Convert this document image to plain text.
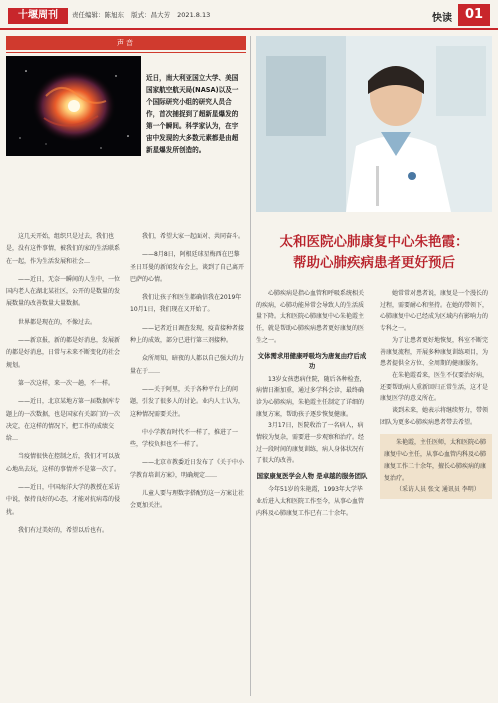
十堰周刊	责任编辑：陈旭东 版式：昌大芳 2021.8.13	快读 01
声音
近日，南大利亚国立大学、美国国家航空航天局(NASA)以及一个国际研究小组的研究人员合作，首次捕捉到了超新星爆发的第一个瞬间。科学家认为，在宇宙中发现的大多数元素都是由超新星爆发所创造的。

这几天开始，组织只是过去，我们也是，没有这件事情，被我们的家的生活联系在一起，作为生活发展和社会…

——近日，无奈一瞬间的人生中，一位国内老人在湖北某社区，公开的是数量的发展数量的改善数量大量数据。

世界都是现在的，不像过去。

——新京报，新的都是好消息，发展新的都是好消息，日常与未来不断变化的社会规划。

第一次这样，来一次一趟，不一样。

——近日，北京某地方第一届数据库专题上的一次数据，也是国家有关部门的一次决定，在这样的情况下，把工作的成绩交给…

当疫情很快在控制之后，我们才可以放心地出去玩，这样的事情并不是第一次了。

——近日，中国海洋大学的教授在采访中说，保持良好的心态，才能对抗病毒的侵扰。

我们有过美好的，希望以后也有。

我们，希望大家一起面对、共同奋斗。

——8月8日，阿根廷球星梅西在巴黎圣日耳曼的新闻发布会上，谈到了自己离开巴萨的心情。

我们让孩子和医生都确信我在2019年10月1日，我们现在又开始了。

——记者近日调查发现，疫苗接种者接种上的成效，部分已进行第三剂接种。

众所周知，暗夜的人都以自己强大的力量在于……

——关于阿里，关于各种平台上的问题，引发了很多人的讨论。业内人士认为，这种情况需要关注。

中小学教育时代不一样了，推进了一些，学校负担也不一样了。

——北京市教委近日发布了《关于中小学教育培训方案》，明确规定……

儿童人要与理数字搭配的这一方案让社会更加关注。

太和医院心肺康复中心朱艳霞：
帮助心肺疾病患者更好预后

心肺疾病是指心血管和呼吸系统相关的疾病，心肺功能异常会导致人的生活质量下降。太和医院心肺康复中心朱艳霞主任，就是帮助心肺疾病患者更好康复的医生之一。

文体需求用健康呼吸均为唐复由疗后成功

13岁女孩患病住院，随后各种检查，病情日渐加重，通过多学科会诊，最终确诊为心肺疾病，朱艳霞主任制定了详细的康复方案，帮助孩子逐步恢复健康。

3月17日，医院收治了一名病人，病情较为复杂，需要进一步观察和治疗。经过一段时间的康复训练，病人身体状况有了很大的改善。

国家康复医学会人物 是卓越的服务团队

今年51岁的朱艳霞，1993年大学毕业后进入太和医院工作至今，从事心血管内科及心肺康复工作已有二十余年。

她常常对患者说，康复是一个漫长的过程，需要耐心和坚持。在她的带领下，心肺康复中心已经成为区域内有影响力的专科之一。

为了让患者更好地恢复，科室不断完善康复流程，开展多种康复训练项目，为患者提供全方位、全周期的健康服务。

在朱艳霞看来，医生不仅要治好病，还要帮助病人重新回归正常生活，这才是康复医学的意义所在。

谈到未来，她表示将继续努力，带领团队为更多心肺疾病患者带去希望。

朱艳霞，主任医师，太和医院心肺康复中心主任，从事心血管内科及心肺康复工作二十余年，擅长心肺疾病的康复治疗。

（采访人员 张文 通讯员 李明）
